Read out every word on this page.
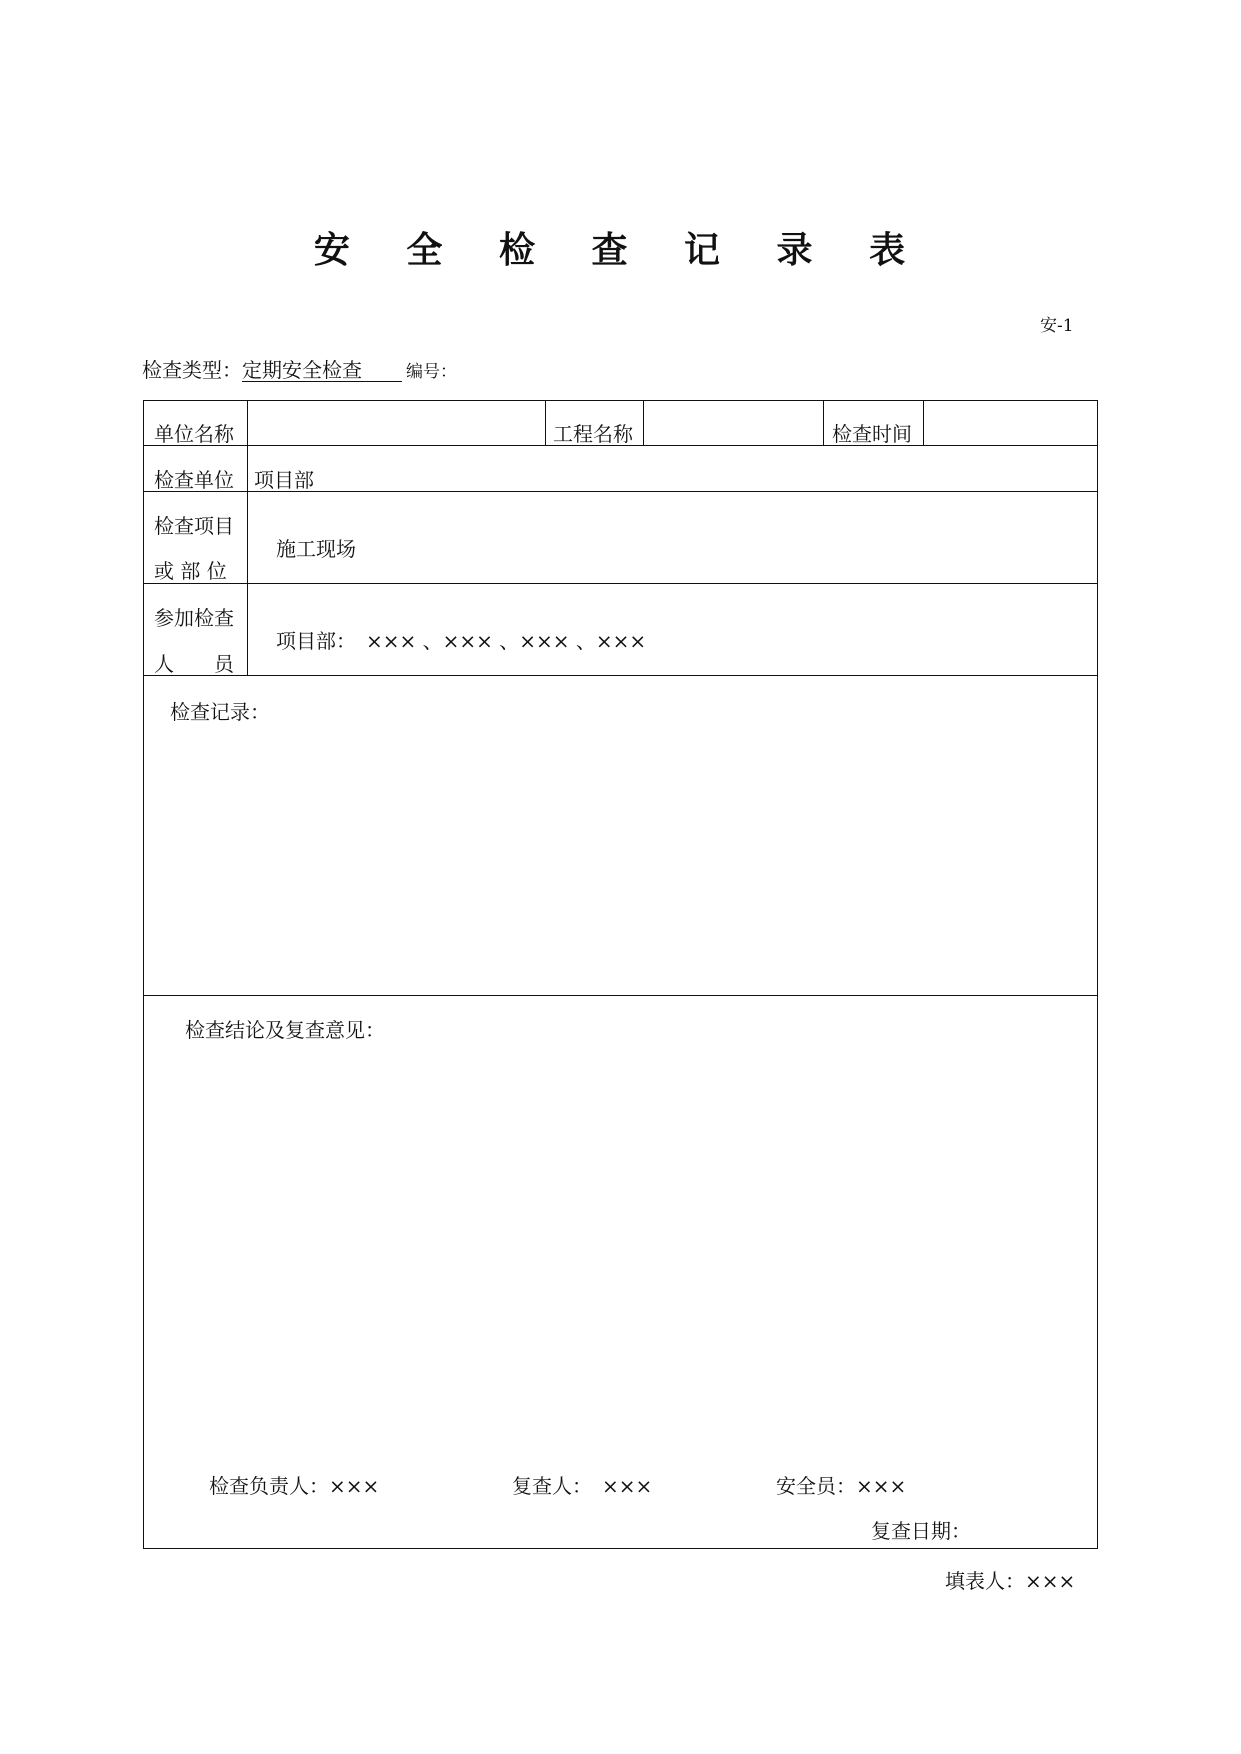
安 全 检 查 记 录 表
安-1
检查类型：定期安全检查	编号：
单位名称	工程名称	检查时间
检查单位 项目部
检查项目
或 部 位
施工现场
参加检查
人　　员
项目部：　××× 、××× 、××× 、×××
检查记录：
检查结论及复查意见：
检查负责人：×××	复查人：　×××	安全员：×××
复查日期：
填表人：×××
